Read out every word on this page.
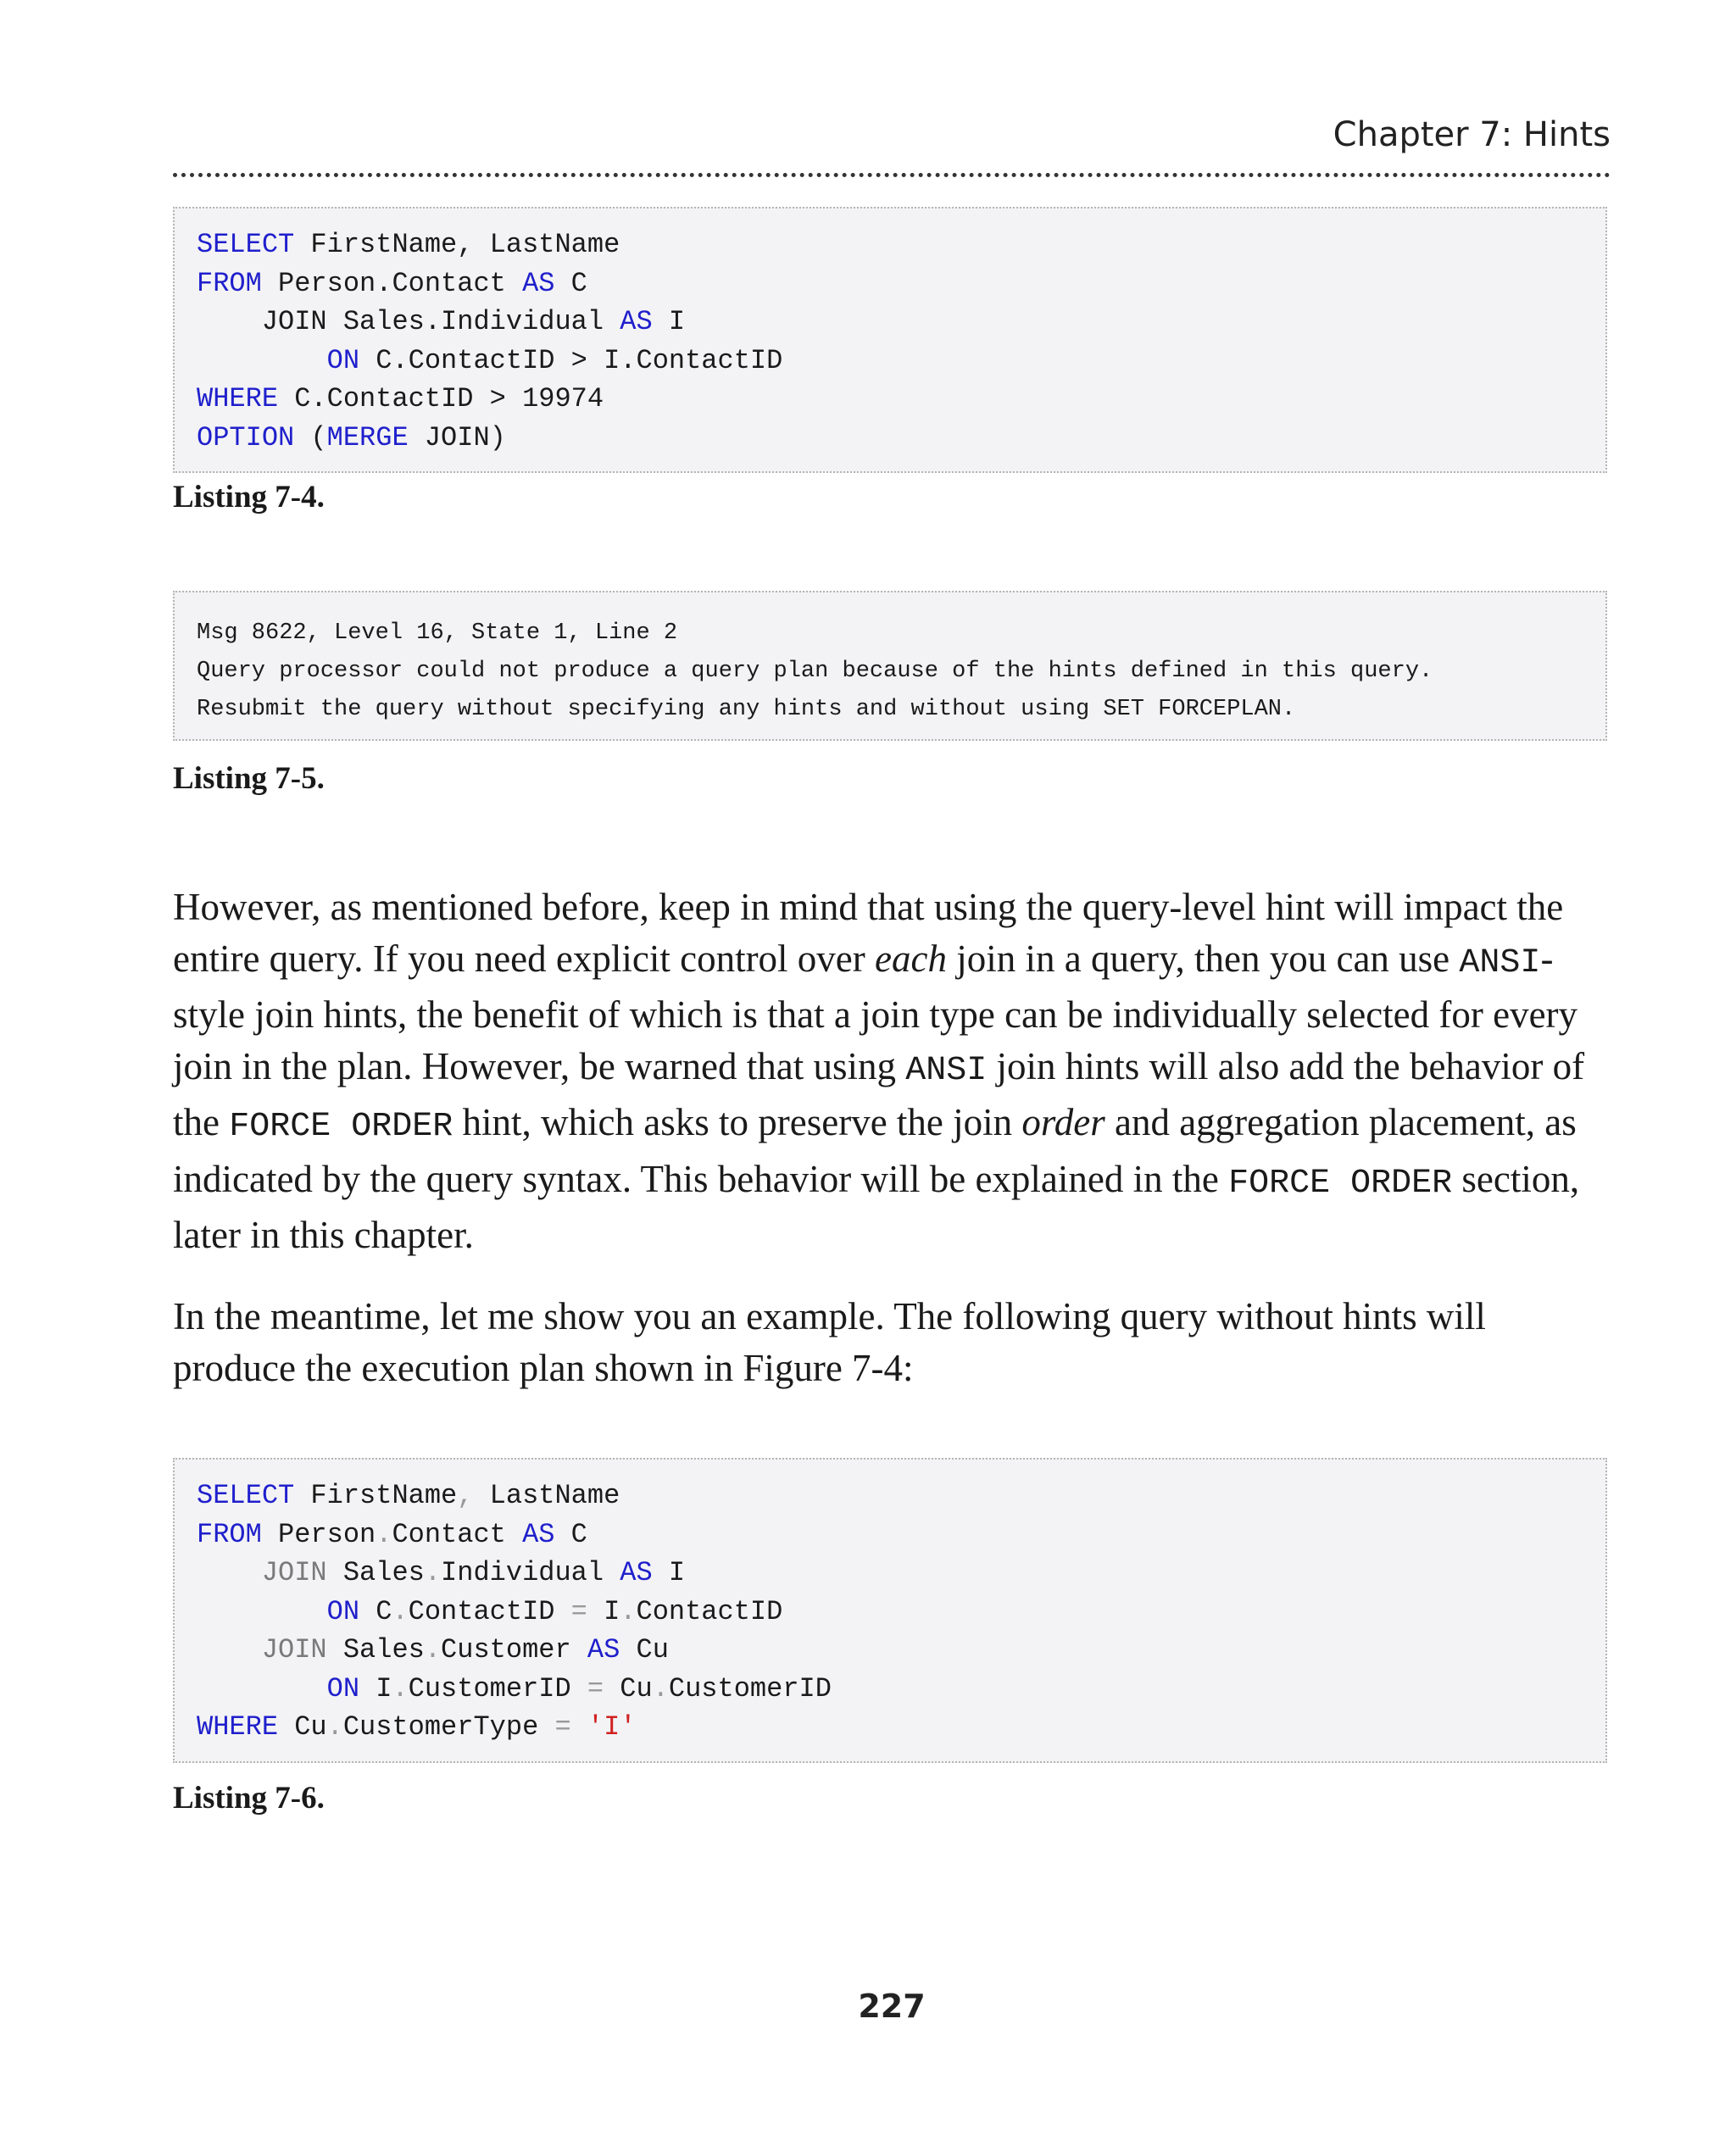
Chapter 7: Hints
SELECT FirstName, LastName
FROM Person.Contact AS C
JOIN Sales.Individual AS I
ON C.ContactID > I.ContactID
WHERE C.ContactID > 19974
OPTION (MERGE JOIN)
Listing 7-4.
Msg 8622, Level 16, State 1, Line 2
Query processor could not produce a query plan because of the hints defined in this query.
Resubmit the query without specifying any hints and without using SET FORCEPLAN.
Listing 7-5.
However, as mentioned before, keep in mind that using the query-level hint will impact the entire query. If you need explicit control over each join in a query, then you can use ANSI-style join hints, the benefit of which is that a join type can be individually selected for every join in the plan. However, be warned that using ANSI join hints will also add the behavior of the FORCE ORDER hint, which asks to preserve the join order and aggregation placement, as indicated by the query syntax. This behavior will be explained in the FORCE ORDER section, later in this chapter.
In the meantime, let me show you an example. The following query without hints will produce the execution plan shown in Figure 7-4:
SELECT FirstName, LastName
FROM Person.Contact AS C
JOIN Sales.Individual AS I
ON C.ContactID = I.ContactID
JOIN Sales.Customer AS Cu
ON I.CustomerID = Cu.CustomerID
WHERE Cu.CustomerType = 'I'
Listing 7-6.
227
